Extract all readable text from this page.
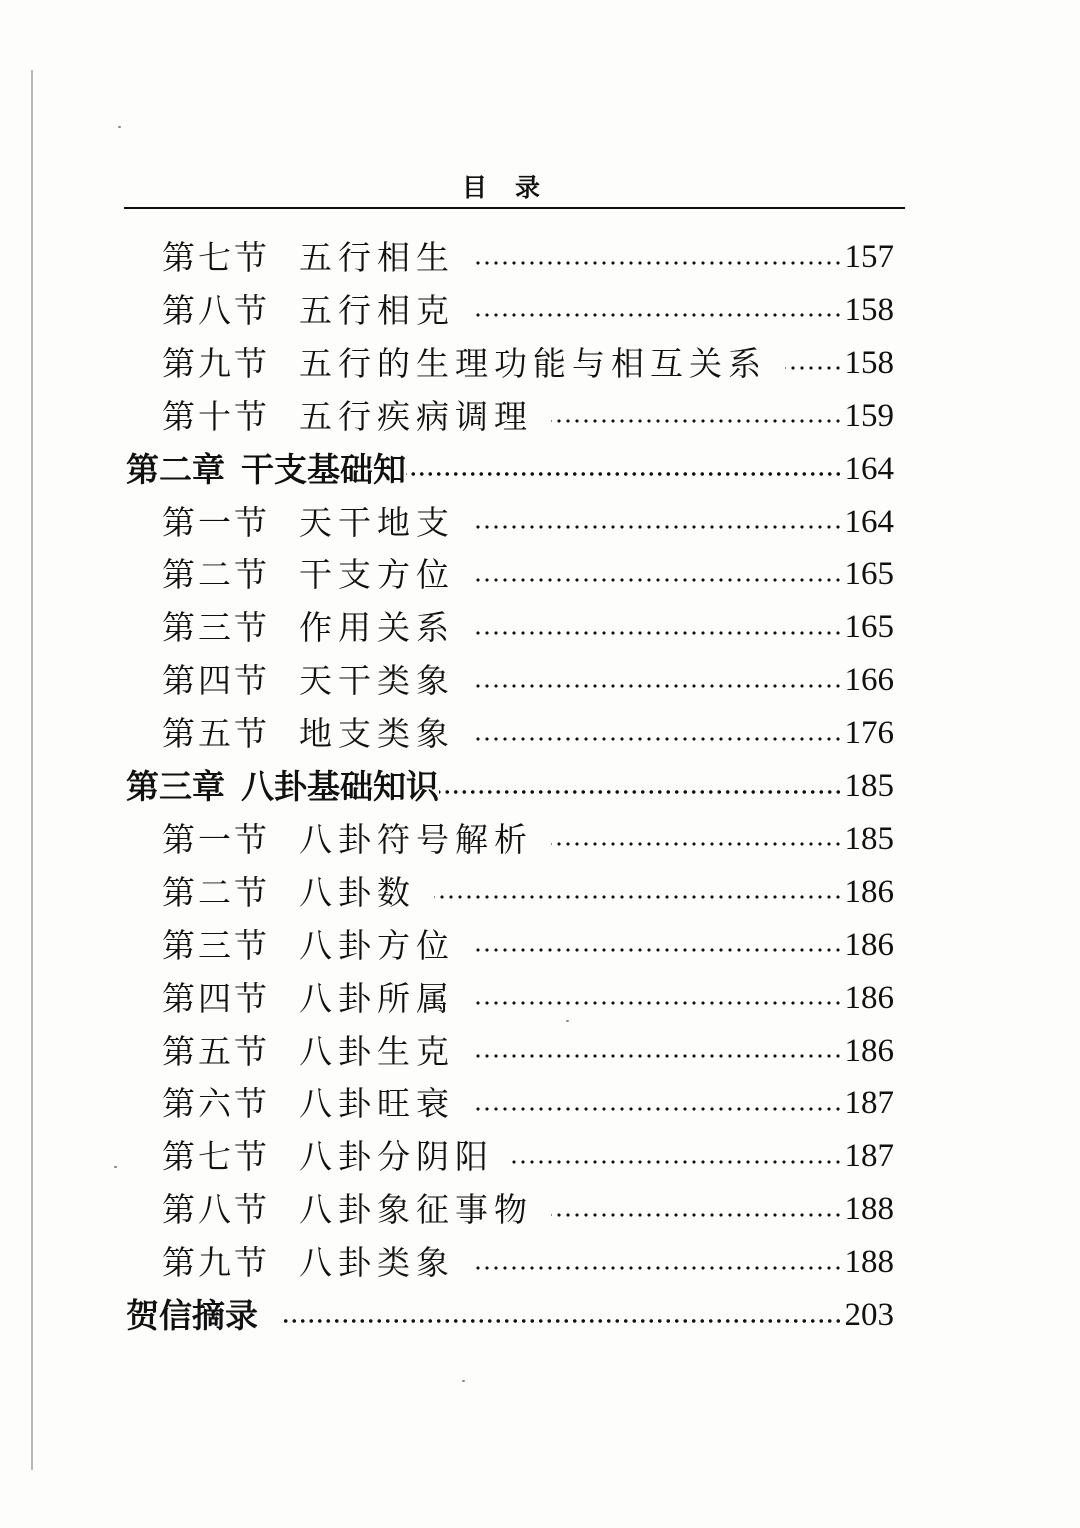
目录
第七节 五行相生	157
第八节 五行相克	158
第九节 五行的生理功能与相互关系	158
第十节 五行疾病调理	159
第二章 干支基础知	164
第一节 天干地支	164
第二节 干支方位	165
第三节 作用关系	165
第四节 天干类象	166
第五节 地支类象	176
第三章 八卦基础知识	185
第一节 八卦符号解析	185
第二节 八卦数	186
第三节 八卦方位	186
第四节 八卦所属	186
第五节 八卦生克	186
第六节 八卦旺衰	187
第七节 八卦分阴阳	187
第八节 八卦象征事物	188
第九节 八卦类象	188
贺信摘录	203
